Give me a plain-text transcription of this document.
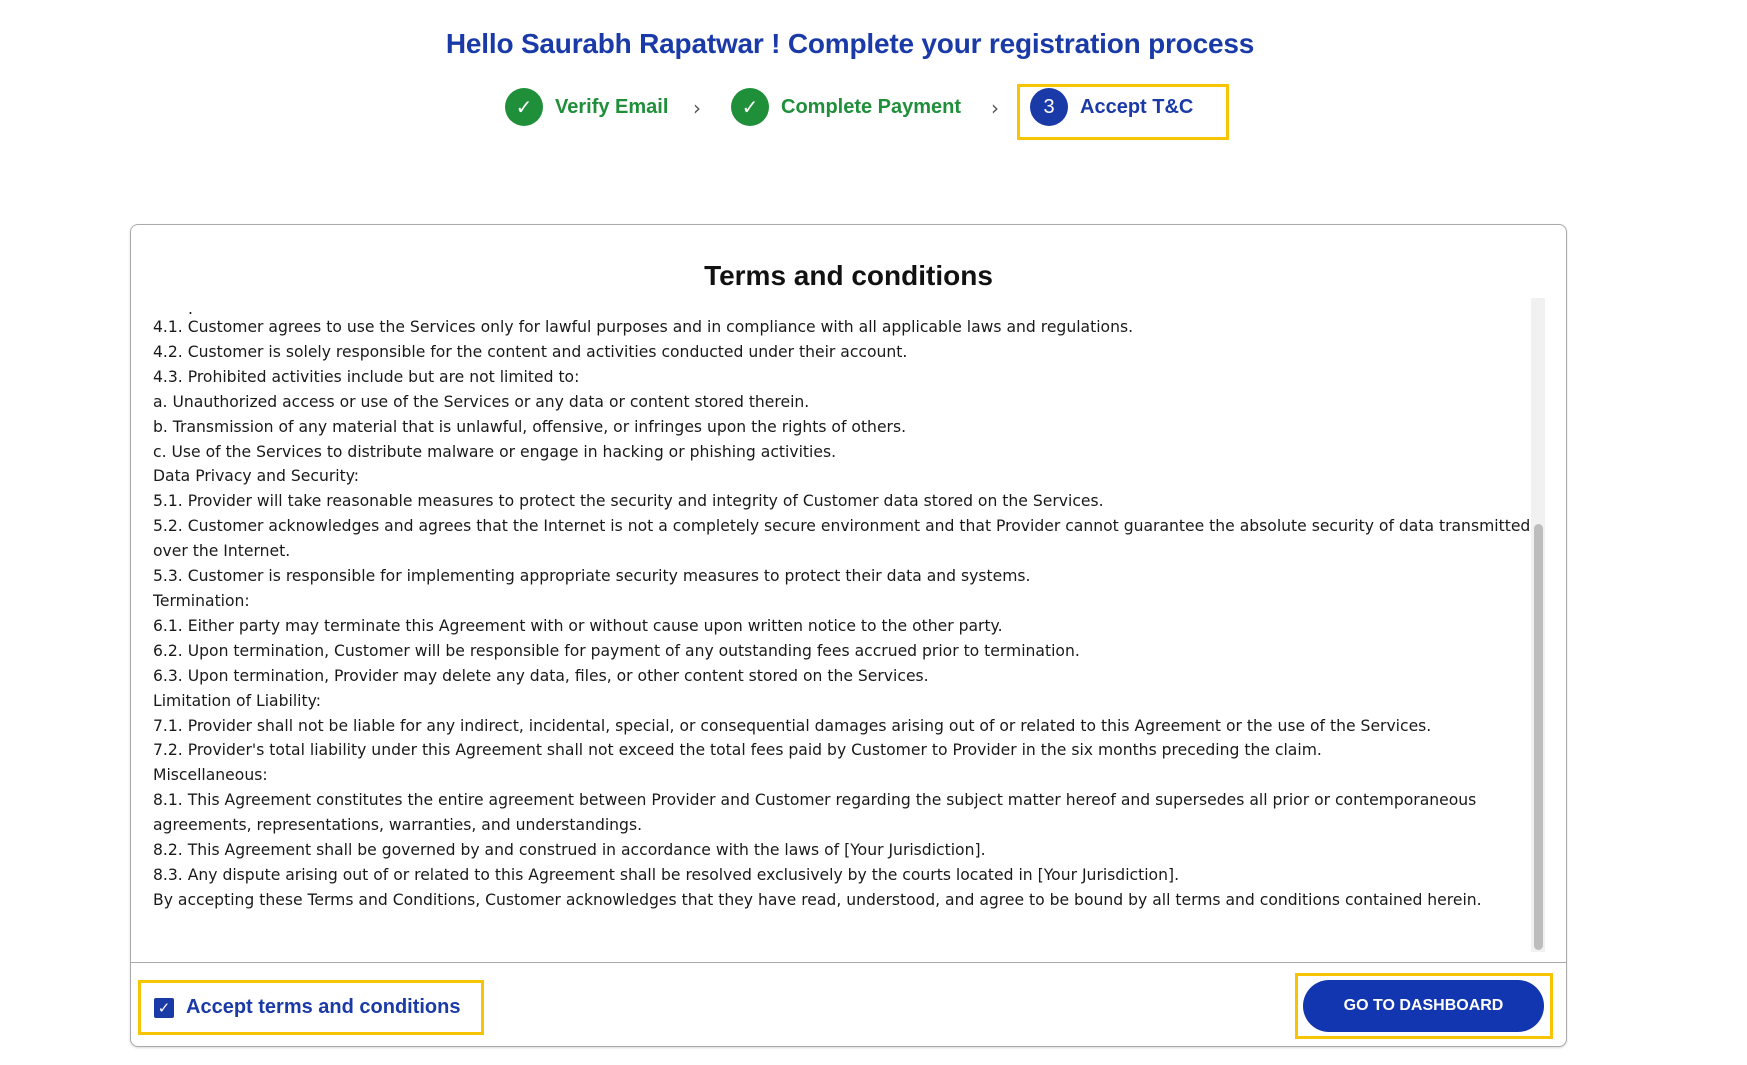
Hello Saurabh Rapatwar ! Complete your registration process
✓	Verify Email ›	✓	Complete Payment ›	3	Accept T&C
Terms and conditions

.

4.1. Customer agrees to use the Services only for lawful purposes and in compliance with all applicable laws and regulations.

4.2. Customer is solely responsible for the content and activities conducted under their account.

4.3. Prohibited activities include but are not limited to:

a. Unauthorized access or use of the Services or any data or content stored therein.

b. Transmission of any material that is unlawful, offensive, or infringes upon the rights of others.

c. Use of the Services to distribute malware or engage in hacking or phishing activities.

Data Privacy and Security:

5.1. Provider will take reasonable measures to protect the security and integrity of Customer data stored on the Services.

5.2. Customer acknowledges and agrees that the Internet is not a completely secure environment and that Provider cannot guarantee the absolute security of data transmitted over the Internet.

5.3. Customer is responsible for implementing appropriate security measures to protect their data and systems.

Termination:

6.1. Either party may terminate this Agreement with or without cause upon written notice to the other party.

6.2. Upon termination, Customer will be responsible for payment of any outstanding fees accrued prior to termination.

6.3. Upon termination, Provider may delete any data, files, or other content stored on the Services.

Limitation of Liability:

7.1. Provider shall not be liable for any indirect, incidental, special, or consequential damages arising out of or related to this Agreement or the use of the Services.

7.2. Provider's total liability under this Agreement shall not exceed the total fees paid by Customer to Provider in the six months preceding the claim.

Miscellaneous:

8.1. This Agreement constitutes the entire agreement between Provider and Customer regarding the subject matter hereof and supersedes all prior or contemporaneous agreements, representations, warranties, and understandings.

8.2. This Agreement shall be governed by and construed in accordance with the laws of [Your Jurisdiction].

8.3. Any dispute arising out of or related to this Agreement shall be resolved exclusively by the courts located in [Your Jurisdiction].

By accepting these Terms and Conditions, Customer acknowledges that they have read, understood, and agree to be bound by all terms and conditions contained herein.

✓ Accept terms and conditions	GO TO DASHBOARD
